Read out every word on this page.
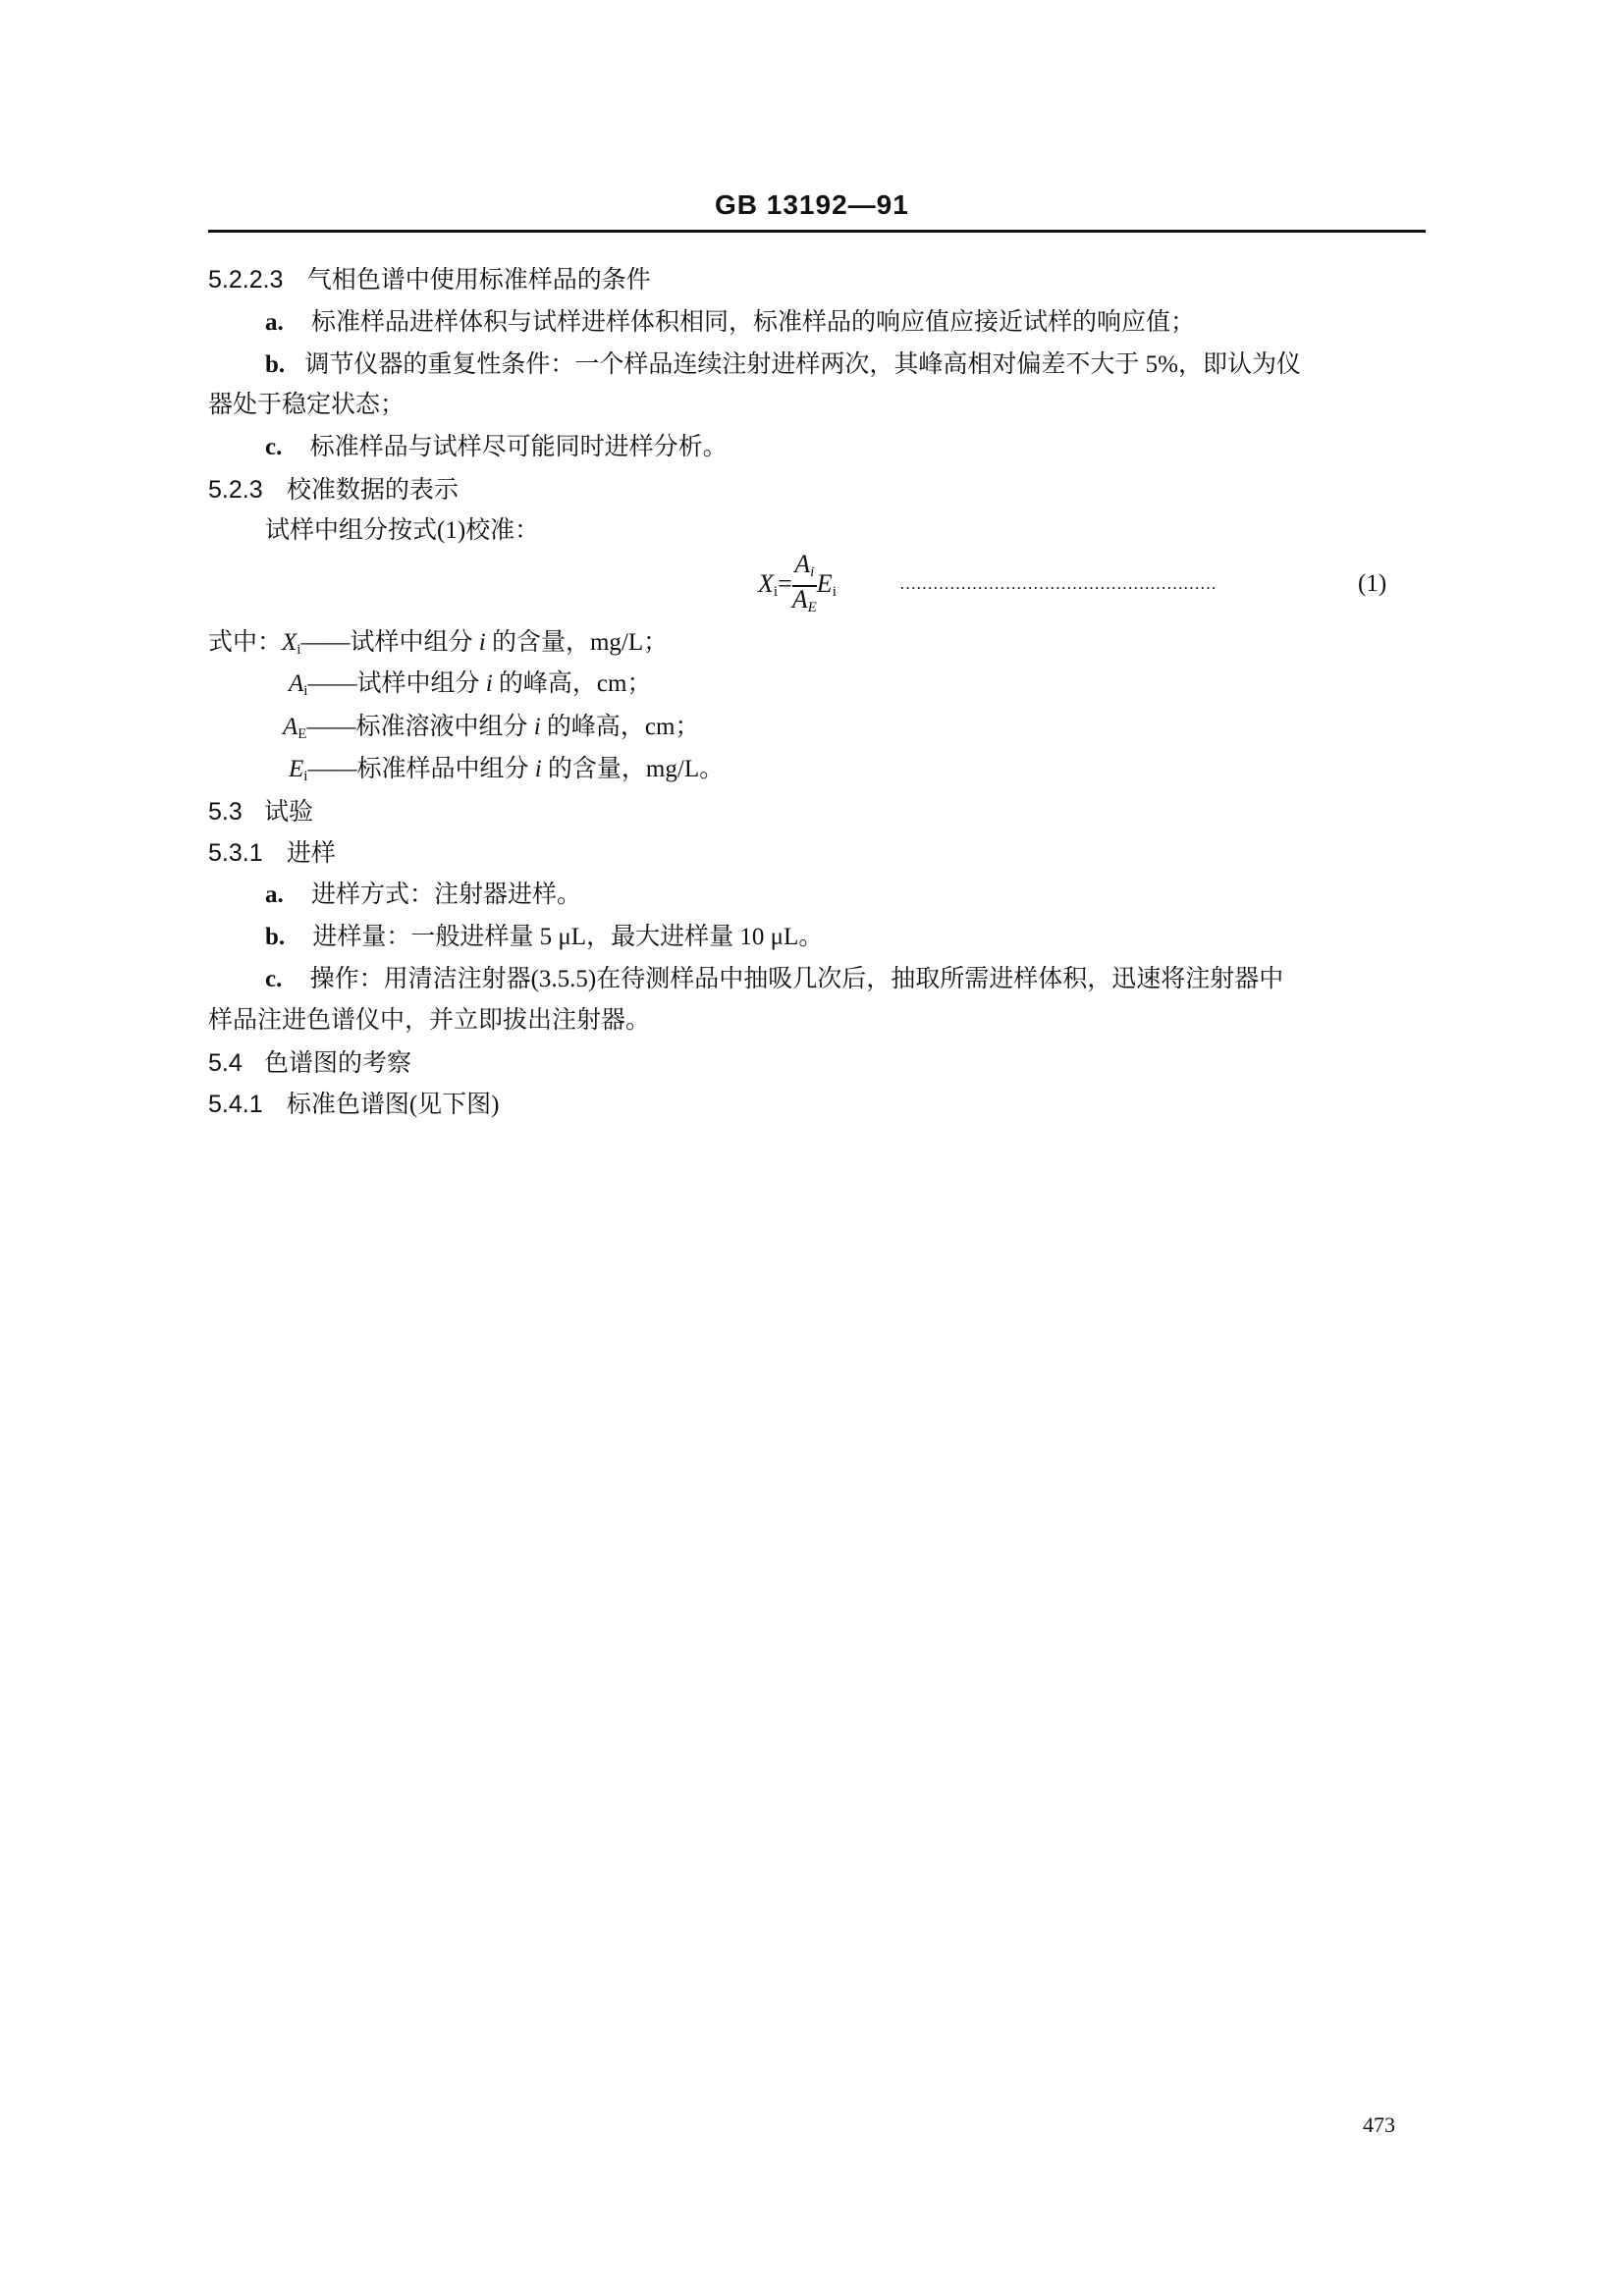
GB 13192—91
5.2.2.3 气相色谱中使用标准样品的条件
a. 标准样品进样体积与试样进样体积相同，标准样品的响应值应接近试样的响应值；
b. 调节仪器的重复性条件：一个样品连续注射进样两次，其峰高相对偏差不大于 5%，即认为仪
器处于稳定状态；
c. 标准样品与试样尽可能同时进样分析。
5.2.3 校准数据的表示
试样中组分按式(1)校准：
$X_i= \frac{A_i}{A_E} E_i$	…………………………………………………	(1)
式中：$X_i——$试样中组分 i 的含量，mg/L；
$A_i——$试样中组分 i 的峰高，cm；
$A_E——$标准溶液中组分 i 的峰高，cm；
$E_i——$标准样品中组分 i 的含量，mg/L。
5.3 试验
5.3.1 进样
a. 进样方式：注射器进样。
b. 进样量：一般进样量 5 μL，最大进样量 10 μL。
c. 操作：用清洁注射器(3.5.5)在待测样品中抽吸几次后，抽取所需进样体积，迅速将注射器中
样品注进色谱仪中，并立即拔出注射器。
5.4 色谱图的考察
5.4.1 标准色谱图(见下图)
473
